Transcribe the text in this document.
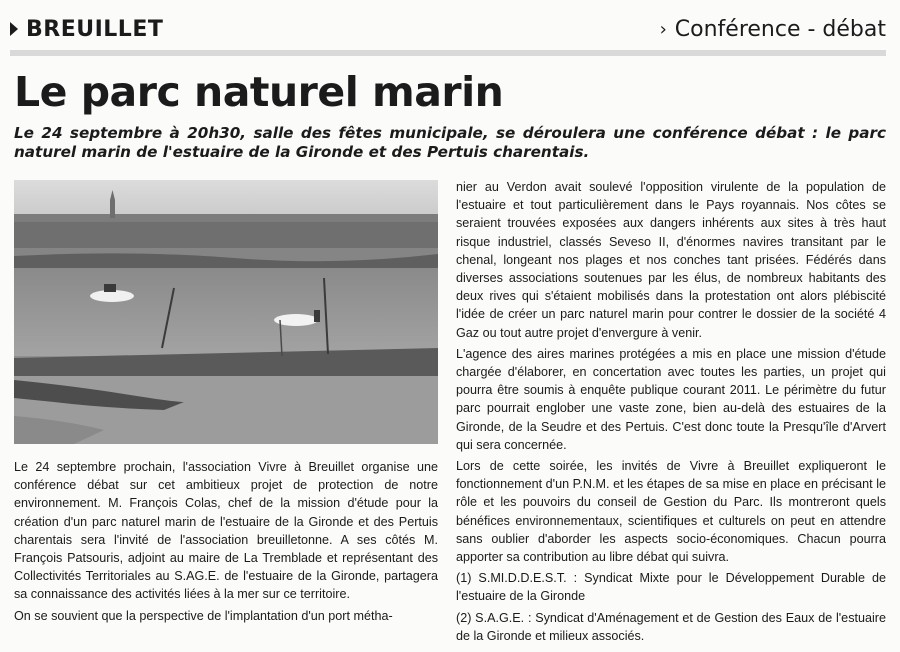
BREUILLET	› Conférence - débat
Le parc naturel marin

Le 24 septembre à 20h30, salle des fêtes municipale, se déroulera une conférence débat : le parc naturel marin de l'estuaire de la Gironde et des Pertuis charentais.

Le 24 septembre prochain, l'association Vivre à Breuillet organise une conférence débat sur cet ambitieux projet de protection de notre environnement. M. François Colas, chef de la mission d'étude pour la création d'un parc naturel marin de l'estuaire de la Gironde et des Pertuis charentais sera l'invité de l'association breuilletonne. A ses côtés M. François Patsouris, adjoint au maire de La Tremblade et représentant des Collectivités Territoriales au S.AG.E. de l'estuaire de la Gironde, partagera sa connaissance des activités liées à la mer sur ce territoire.

On se souvient que la perspective de l'implantation d'un port métha-

nier au Verdon avait soulevé l'opposition virulente de la population de l'estuaire et tout particulièrement dans le Pays royannais. Nos côtes se seraient trouvées exposées aux dangers inhérents aux sites à très haut risque industriel, classés Seveso II, d'énormes navires transitant par le chenal, longeant nos plages et nos conches tant prisées. Fédérés dans diverses associations soutenues par les élus, de nombreux habitants des deux rives qui s'étaient mobilisés dans la protestation ont alors plébiscité l'idée de créer un parc naturel marin pour contrer le dossier de la société 4 Gaz ou tout autre projet d'envergure à venir.

L'agence des aires marines protégées a mis en place une mission d'étude chargée d'élaborer, en concertation avec toutes les parties, un projet qui pourra être soumis à enquête publique courant 2011. Le périmètre du futur parc pourrait englober une vaste zone, bien au-delà des estuaires de la Gironde, de la Seudre et des Pertuis. C'est donc toute la Presqu'île d'Arvert qui sera concernée.

Lors de cette soirée, les invités de Vivre à Breuillet expliqueront le fonctionnement d'un P.N.M. et les étapes de sa mise en place en précisant le rôle et les pouvoirs du conseil de Gestion du Parc. Ils montreront quels bénéfices environnementaux, scientifiques et culturels on peut en attendre sans oublier d'aborder les aspects socio-économiques. Chacun pourra apporter sa contribution au libre débat qui suivra.

(1) S.MI.D.D.E.S.T. : Syndicat Mixte pour le Développement Durable de l'estuaire de la Gironde

(2) S.A.G.E. : Syndicat d'Aménagement et de Gestion des Eaux de l'estuaire de la Gironde et milieux associés.
